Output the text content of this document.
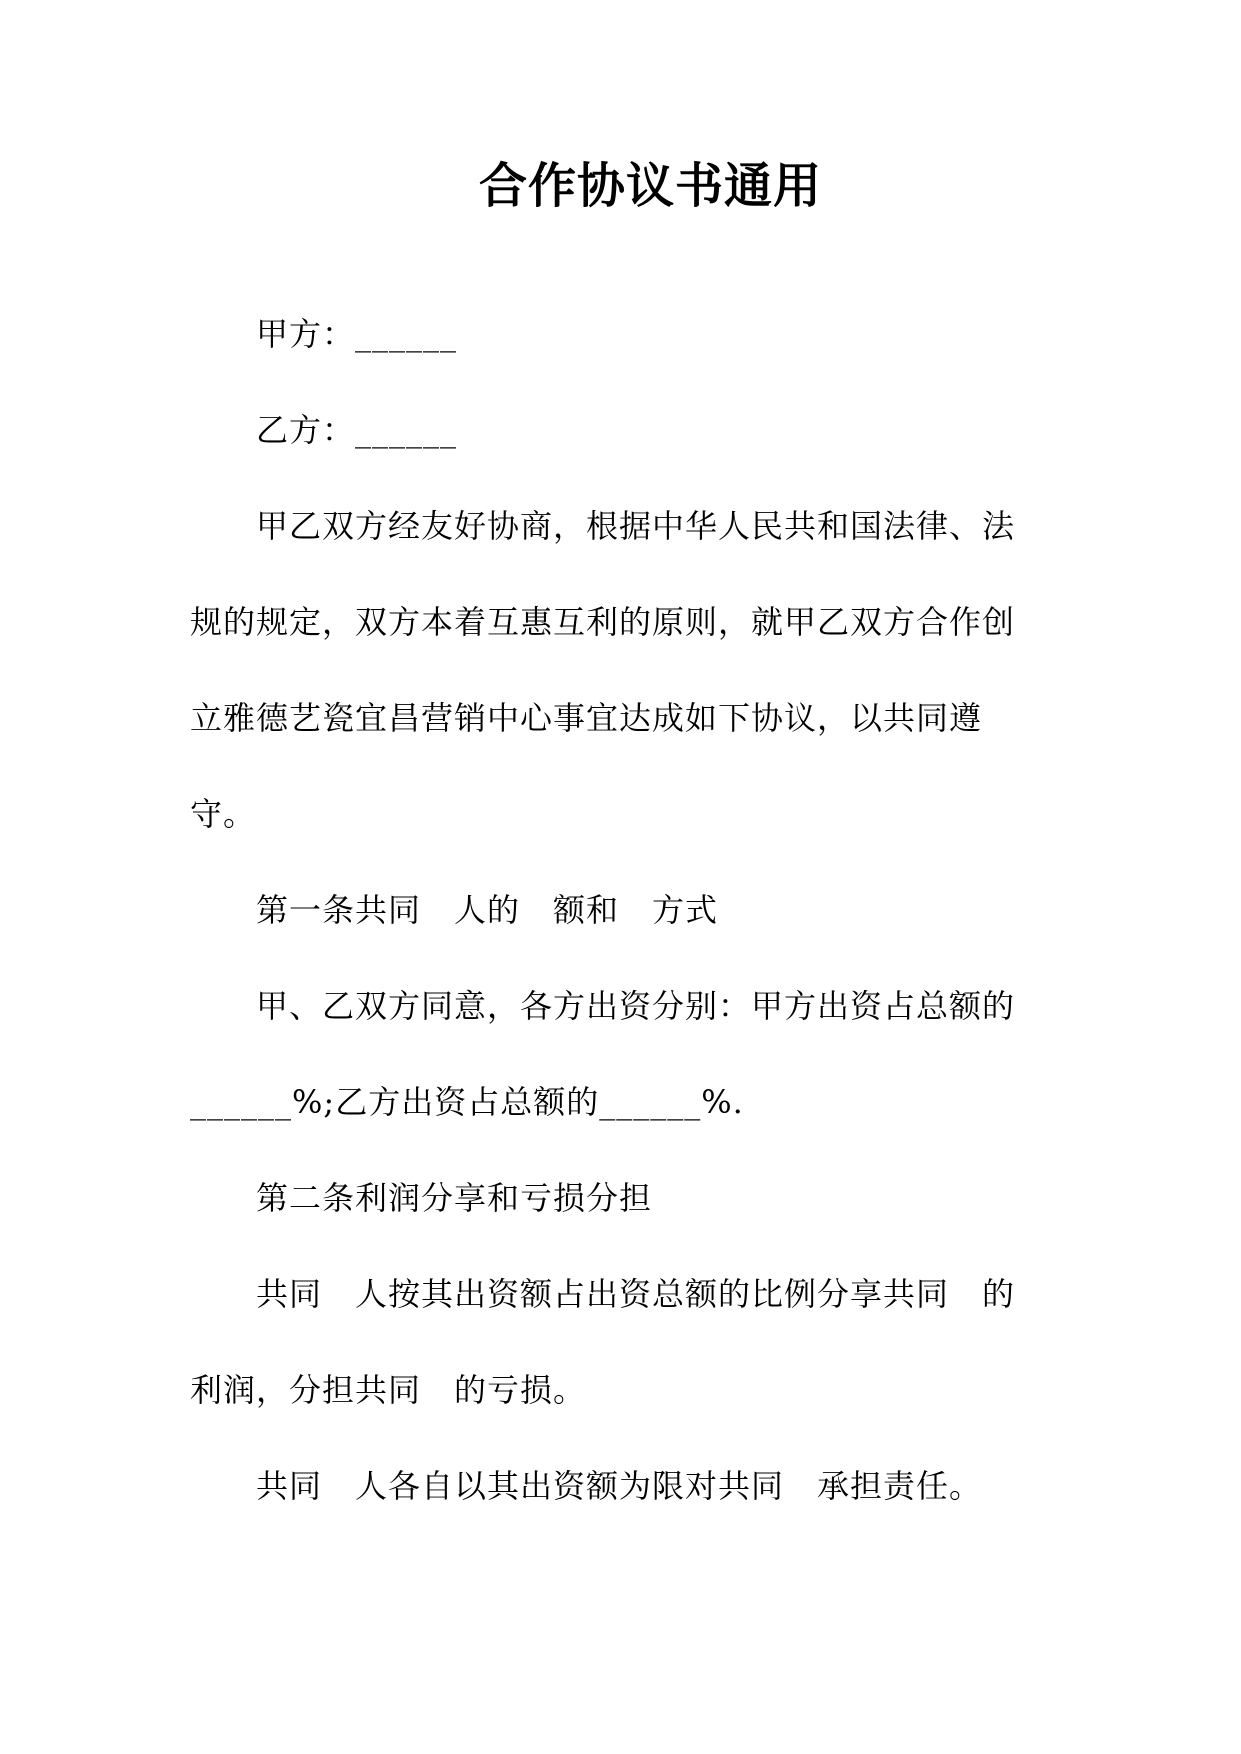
合作协议书通用

甲方：______

乙方：______

甲乙双方经友好协商，根据中华人民共和国法律、法规的规定，双方本着互惠互利的原则，就甲乙双方合作创立雅德艺瓷宜昌营销中心事宜达成如下协议，以共同遵守。

第一条共同　人的　额和　方式

甲、乙双方同意，各方出资分别：甲方出资占总额的______%;乙方出资占总额的______%.

第二条利润分享和亏损分担

共同　人按其出资额占出资总额的比例分享共同　的利润，分担共同　的亏损。

共同　人各自以其出资额为限对共同　承担责任。
